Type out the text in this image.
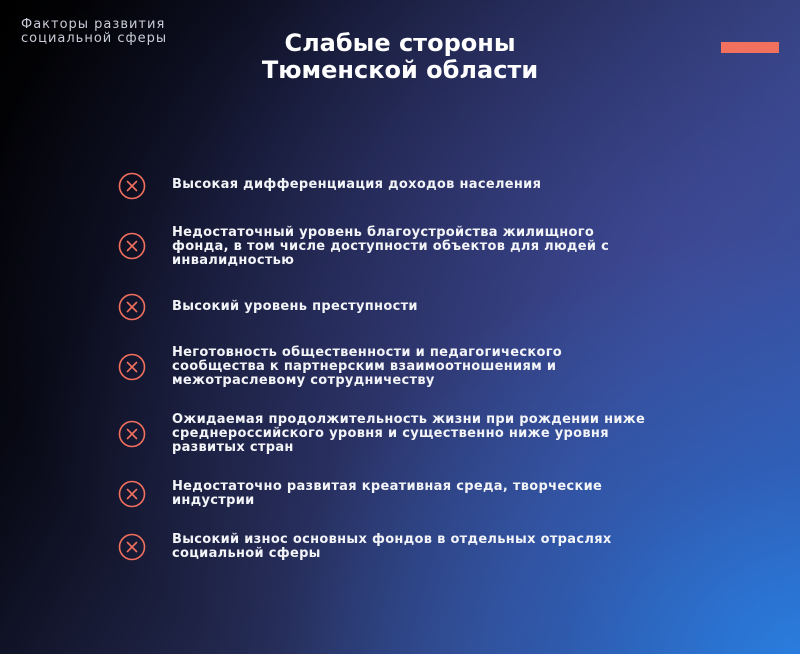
Факторы развития
социальной сферы	Слабые стороны
Тюменской области
Высокая дифференциация доходов населения
Недостаточный уровень благоустройства жилищного
фонда, в том числе доступности объектов для людей с
инвалидностью
Высокий уровень преступности
Неготовность общественности и педагогического
сообщества к партнерским взаимоотношениям и
межотраслевому сотрудничеству
Ожидаемая продолжительность жизни при рождении ниже
среднероссийского уровня и существенно ниже уровня
развитых стран
Недостаточно развитая креативная среда, творческие
индустрии
Высокий износ основных фондов в отдельных отраслях
социальной сферы
